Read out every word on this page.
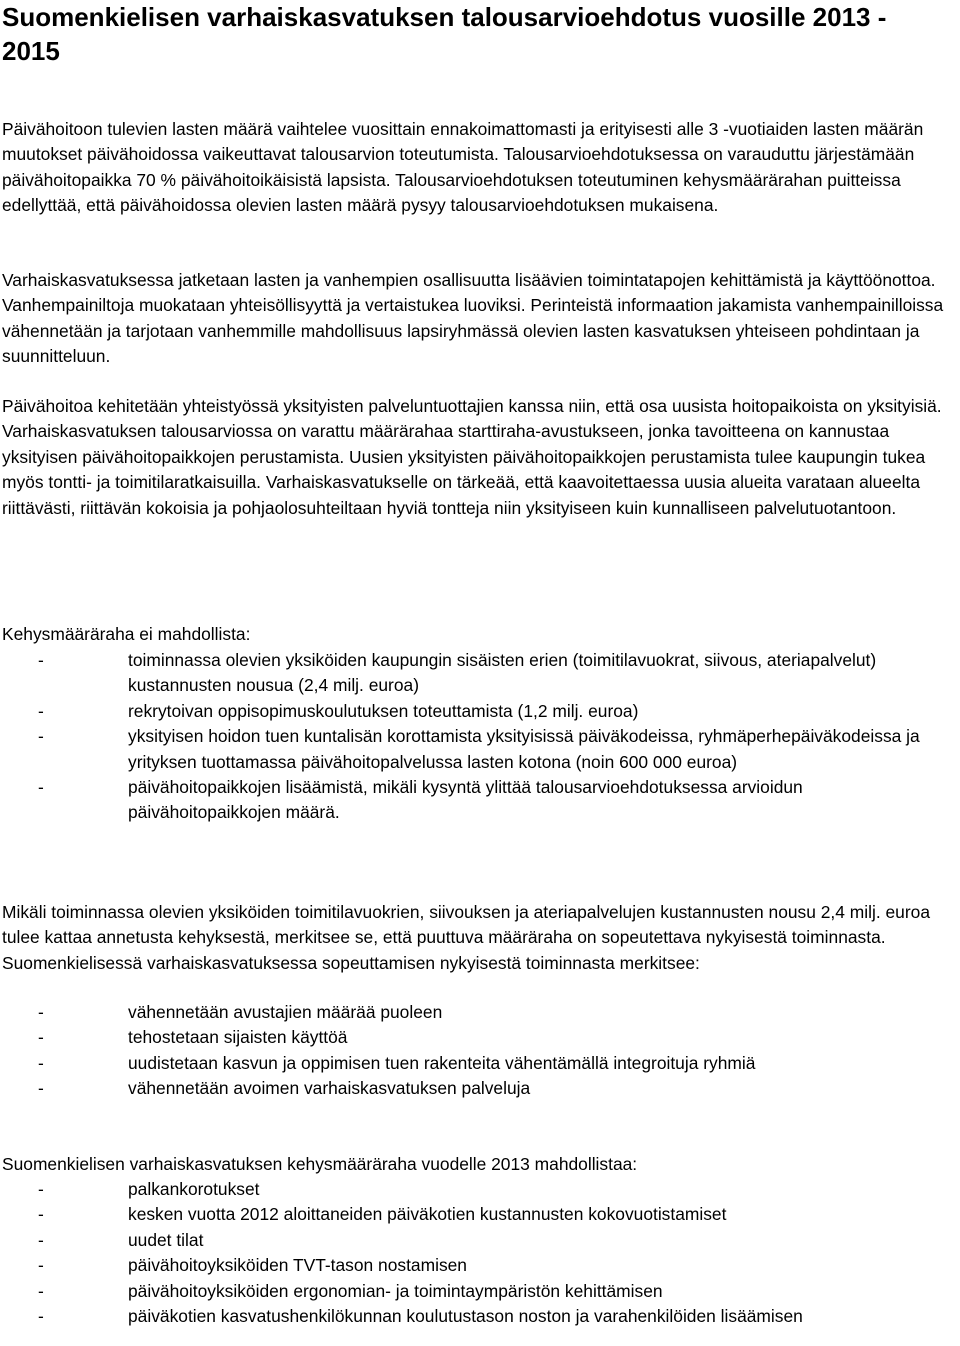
Suomenkielisen varhaiskasvatuksen talousarvioehdotus vuosille 2013 - 2015

Päivähoitoon tulevien lasten määrä vaihtelee vuosittain ennakoimattomasti ja erityisesti alle 3 -vuotiaiden lasten määrän muutokset päivähoidossa vaikeuttavat talousarvion toteutumista. Talousarvioehdotuksessa on varauduttu järjestämään päivähoitopaikka 70 % päivähoitoikäisistä lapsista. Talousarvioehdotuksen toteutuminen kehysmäärärahan puitteissa edellyttää, että päivähoidossa olevien lasten määrä pysyy talousarvioehdotuksen mukaisena.

Varhaiskasvatuksessa jatketaan lasten ja vanhempien osallisuutta lisäävien toimintatapojen kehittämistä ja käyttöönottoa. Vanhempainiltoja muokataan yhteisöllisyyttä ja vertaistukea luoviksi. Perinteistä informaation jakamista vanhempainilloissa vähennetään ja tarjotaan vanhemmille mahdollisuus lapsiryhmässä olevien lasten kasvatuksen yhteiseen pohdintaan ja suunnitteluun.

Päivähoitoa kehitetään yhteistyössä yksityisten palveluntuottajien kanssa niin, että osa uusista hoitopaikoista on yksityisiä. Varhaiskasvatuksen talousarviossa on varattu määrärahaa starttiraha-avustukseen, jonka tavoitteena on kannustaa yksityisen päivähoitopaikkojen perustamista. Uusien yksityisten päivähoitopaikkojen perustamista tulee kaupungin tukea myös tontti- ja toimitilaratkaisuilla. Varhaiskasvatukselle on tärkeää, että kaavoitettaessa uusia alueita varataan alueelta riittävästi, riittävän kokoisia ja pohjaolosuhteiltaan hyviä tontteja niin yksityiseen kuin kunnalliseen palvelutuotantoon.

Kehysmääräraha ei mahdollista:

-	toiminnassa olevien yksiköiden kaupungin sisäisten erien (toimitilavuokrat, siivous, ateriapalvelut) kustannusten nousua (2,4 milj. euroa)
-	rekrytoivan oppisopimuskoulutuksen toteuttamista (1,2 milj. euroa)
-	yksityisen hoidon tuen kuntalisän korottamista yksityisissä päiväkodeissa, ryhmäperhepäiväkodeissa ja yrityksen tuottamassa päivähoitopalvelussa lasten kotona (noin 600 000 euroa)
-	päivähoitopaikkojen lisäämistä, mikäli kysyntä ylittää talousarvioehdotuksessa arvioidun päivähoitopaikkojen määrä.

Mikäli toiminnassa olevien yksiköiden toimitilavuokrien, siivouksen ja ateriapalvelujen kustannusten nousu 2,4 milj. euroa tulee kattaa annetusta kehyksestä, merkitsee se, että puuttuva määräraha on sopeutettava nykyisestä toiminnasta. Suomenkielisessä varhaiskasvatuksessa sopeuttamisen nykyisestä toiminnasta merkitsee:

-	vähennetään avustajien määrää puoleen
-	tehostetaan sijaisten käyttöä
-	uudistetaan kasvun ja oppimisen tuen rakenteita vähentämällä integroituja ryhmiä
-	vähennetään avoimen varhaiskasvatuksen palveluja

Suomenkielisen varhaiskasvatuksen kehysmääräraha vuodelle 2013 mahdollistaa:

-	palkankorotukset
-	kesken vuotta 2012 aloittaneiden päiväkotien kustannusten kokovuotistamiset
-	uudet tilat
-	päivähoitoyksiköiden TVT-tason nostamisen
-	päivähoitoyksiköiden ergonomian- ja toimintaympäristön kehittämisen
-	päiväkotien kasvatushenkilökunnan koulutustason noston ja varahenkilöiden lisäämisen
